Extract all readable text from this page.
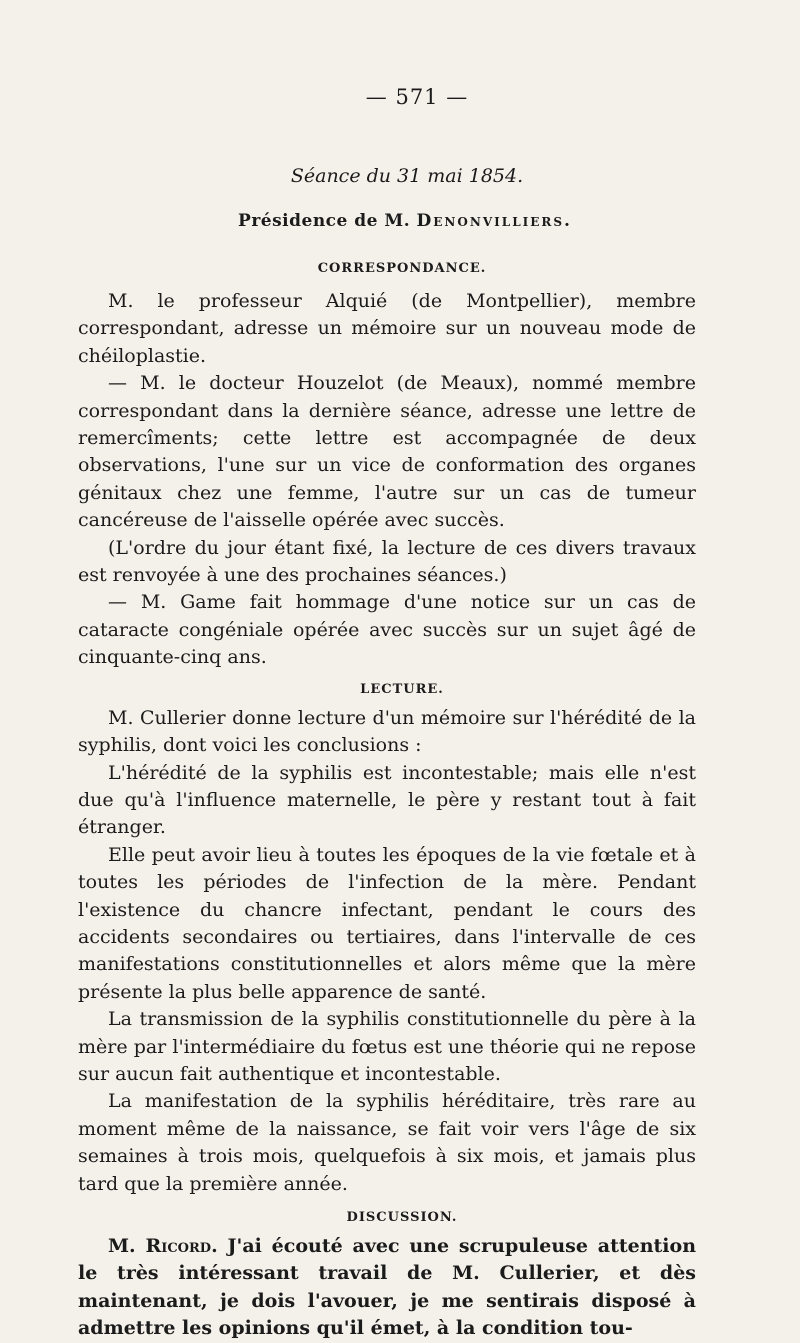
— 571 —
Séance du 31 mai 1854.
Présidence de M. Denonvilliers.
CORRESPONDANCE.

M. le professeur Alquié (de Montpellier), membre correspondant, adresse un mémoire sur un nouveau mode de chéiloplastie.

— M. le docteur Houzelot (de Meaux), nommé membre correspondant dans la dernière séance, adresse une lettre de remercîments; cette lettre est accompagnée de deux observations, l'une sur un vice de conformation des organes génitaux chez une femme, l'autre sur un cas de tumeur cancéreuse de l'aisselle opérée avec succès.

(L'ordre du jour étant fixé, la lecture de ces divers travaux est renvoyée à une des prochaines séances.)

— M. Game fait hommage d'une notice sur un cas de cataracte congéniale opérée avec succès sur un sujet âgé de cinquante-cinq ans.

LECTURE.

M. Cullerier donne lecture d'un mémoire sur l'hérédité de la syphilis, dont voici les conclusions :

L'hérédité de la syphilis est incontestable; mais elle n'est due qu'à l'influence maternelle, le père y restant tout à fait étranger.

Elle peut avoir lieu à toutes les époques de la vie fœtale et à toutes les périodes de l'infection de la mère. Pendant l'existence du chancre infectant, pendant le cours des accidents secondaires ou tertiaires, dans l'intervalle de ces manifestations constitutionnelles et alors même que la mère présente la plus belle apparence de santé.

La transmission de la syphilis constitutionnelle du père à la mère par l'intermédiaire du fœtus est une théorie qui ne repose sur aucun fait authentique et incontestable.

La manifestation de la syphilis héréditaire, très rare au moment même de la naissance, se fait voir vers l'âge de six semaines à trois mois, quelquefois à six mois, et jamais plus tard que la première année.

DISCUSSION.

M. Ricord. J'ai écouté avec une scrupuleuse attention le très intéressant travail de M. Cullerier, et dès maintenant, je dois l'avouer, je me sentirais disposé à admettre les opinions qu'il émet, à la condition tou-
